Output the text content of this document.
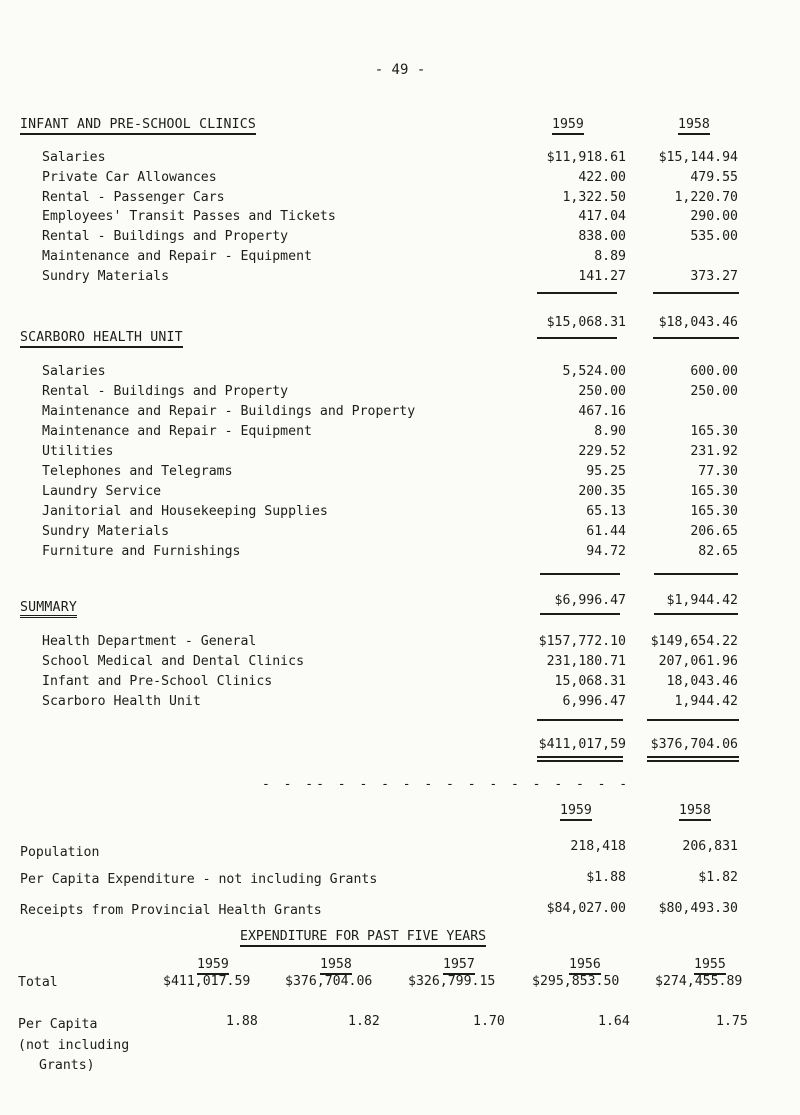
- 49 -
INFANT AND PRE-SCHOOL CLINICS	1959	1958
Salaries	$11,918.61	$15,144.94
Private Car Allowances	422.00	479.55
Rental - Passenger Cars	1,322.50	1,220.70
Employees' Transit Passes and Tickets	417.04	290.00
Rental - Buildings and Property	838.00	535.00
Maintenance and Repair - Equipment	8.89
Sundry Materials	141.27	373.27
$15,068.31	$18,043.46
SCARBORO HEALTH UNIT
Salaries	5,524.00	600.00
Rental - Buildings and Property	250.00	250.00
Maintenance and Repair - Buildings and Property	467.16
Maintenance and Repair - Equipment	8.90	165.30
Utilities	229.52	231.92
Telephones and Telegrams	95.25	77.30
Laundry Service	200.35	165.30
Janitorial and Housekeeping Supplies	65.13	165.30
Sundry Materials	61.44	206.65
Furniture and Furnishings	94.72	82.65
$6,996.47	$1,944.42
SUMMARY
Health Department - General	$157,772.10	$149,654.22
School Medical and Dental Clinics	231,180.71	207,061.96
Infant and Pre-School Clinics	15,068.31	18,043.46
Scarboro Health Unit	6,996.47	1,944.42
$411,017,59	$376,704.06
- - -- - - - - - - - - - - - - - -
1959	1958
Population	218,418	206,831
Per Capita Expenditure - not including Grants	$1.88	$1.82
Receipts from Provincial Health Grants	$84,027.00	$80,493.30
EXPENDITURE FOR PAST FIVE YEARS
1959	1958	1957	1956	1955
Total	$411,017.59	$376,704.06	$326,799.15	$295,853.50	$274,455.89
Per Capita
(not including
Grants)
1.88	1.82	1.70	1.64	1.75
